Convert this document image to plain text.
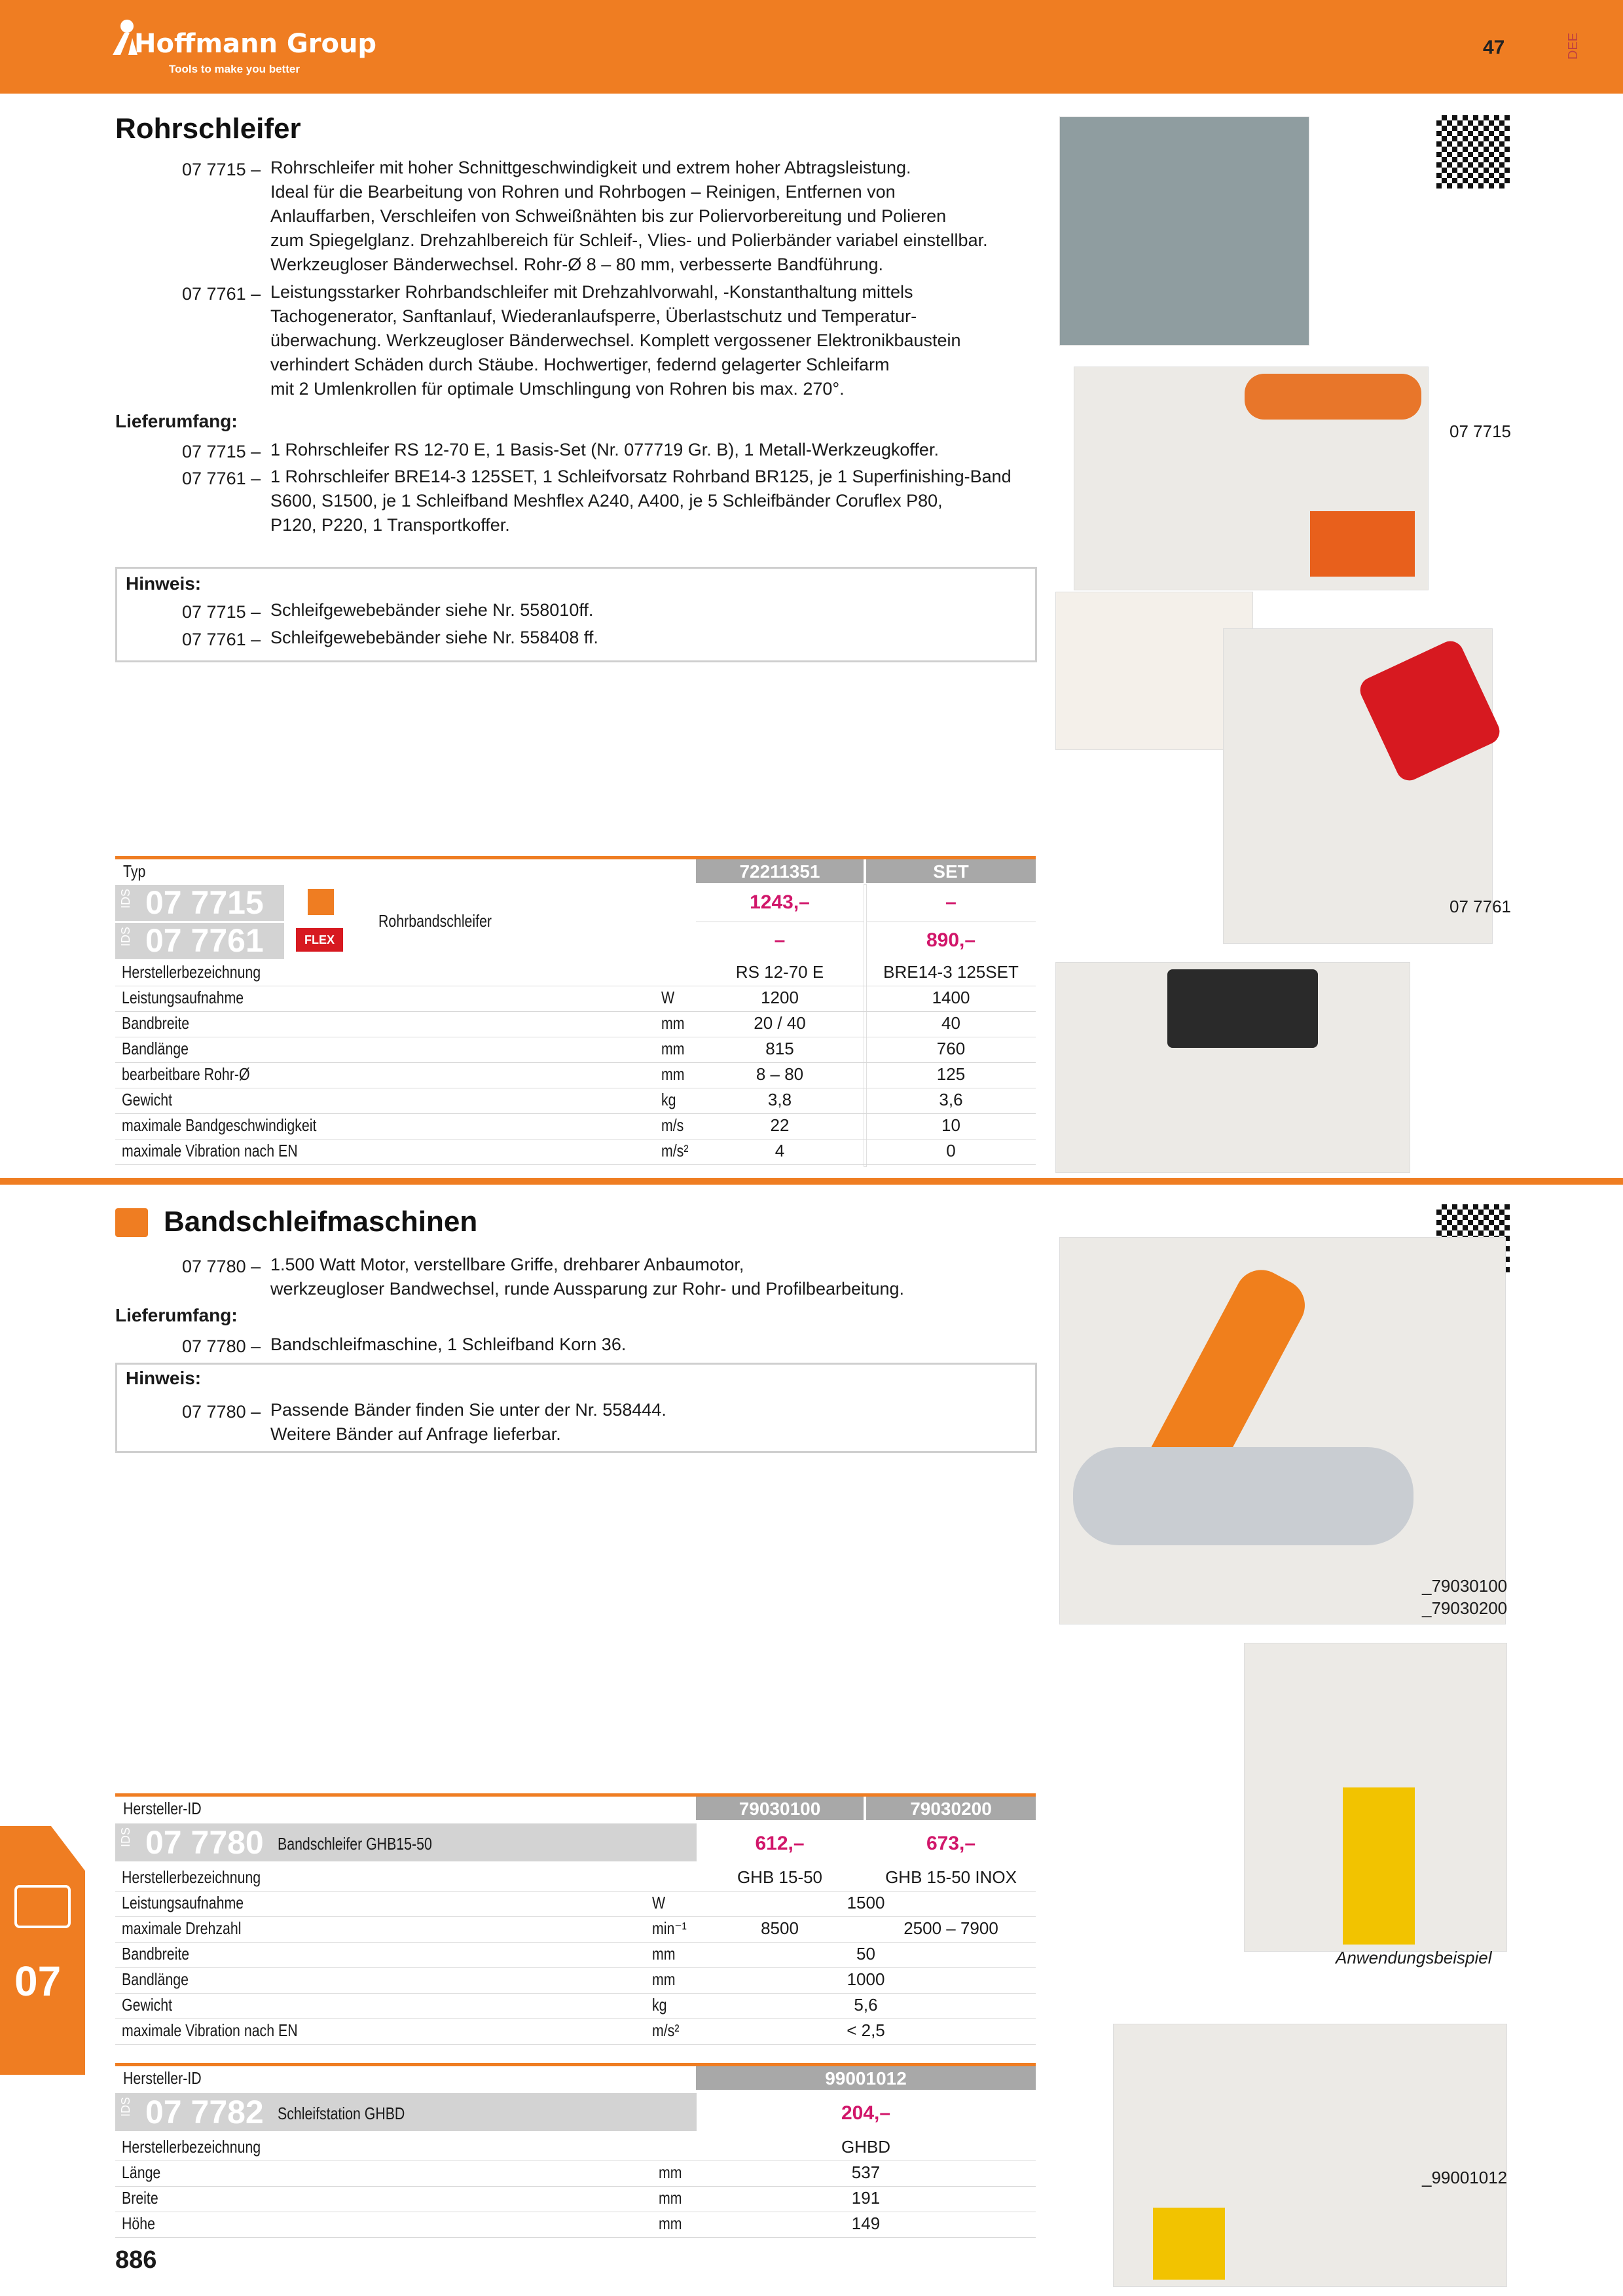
Hoffmann Group
Tools to make you better
47	DEE
Rohrschleifer
07 7715 – Rohrschleifer mit hoher Schnittgeschwindigkeit und extrem hoher Abtragsleistung.
Ideal für die Bearbeitung von Rohren und Rohrbogen – Reinigen, Entfernen von
Anlauffarben, Verschleifen von Schweißnähten bis zur Poliervorbereitung und Polieren
zum Spiegelglanz. Drehzahlbereich für Schleif-, Vlies- und Polierbänder variabel einstellbar.
Werkzeugloser Bänderwechsel. Rohr-Ø 8 – 80 mm, verbesserte Bandführung.
07 7761 – Leistungsstarker Rohrbandschleifer mit Drehzahlvorwahl, -Konstanthaltung mittels
Tachogenerator, Sanftanlauf, Wiederanlaufsperre, Überlastschutz und Temperatur-
überwachung. Werkzeugloser Bänderwechsel. Komplett vergossener Elektronikbaustein
verhindert Schäden durch Stäube. Hochwertiger, federnd gelagerter Schleifarm
mit 2 Umlenkrollen für optimale Umschlingung von Rohren bis max. 270°.
Lieferumfang:
07 7715 – 1 Rohrschleifer RS 12-70 E, 1 Basis-Set (Nr. 077719 Gr. B), 1 Metall-Werkzeugkoffer.
07 7761 – 1 Rohrschleifer BRE14-3 125SET, 1 Schleifvorsatz Rohrband BR125, je 1 Superfinishing-Band
S600, S1500, je 1 Schleifband Meshflex A240, A400, je 5 Schleifbänder Coruflex P80,
P120, P220, 1 Transportkoffer.
Hinweis:
07 7715 – Schleifgewebebänder siehe Nr. 558010ff.
07 7761 – Schleifgewebebänder siehe Nr. 558408 ff.
Typ	72211351	SET
IDS 07 7715
IDS 07 7761	FLEX
Rohrbandschleifer
1243,–	–
–	890,–
Herstellerbezeichnung	RS 12-70 E	BRE14-3 125SET
Leistungsaufnahme	W	1200	1400
Bandbreite	mm	20 / 40	40
Bandlänge	mm	815	760
bearbeitbare Rohr-Ø	mm	8 – 80	125
Gewicht	kg	3,8	3,6
maximale Bandgeschwindigkeit	m/s	22	10
maximale Vibration nach EN	m/s²	4	0
Bandschleifmaschinen
07 7780 – 1.500 Watt Motor, verstellbare Griffe, drehbarer Anbaumotor,
werkzeugloser Bandwechsel, runde Aussparung zur Rohr- und Profilbearbeitung.
Lieferumfang:
07 7780 – Bandschleifmaschine, 1 Schleifband Korn 36.
Hinweis:
07 7780 – Passende Bänder finden Sie unter der Nr. 558444.
Weitere Bänder auf Anfrage lieferbar.
Hersteller-ID	79030100	79030200
IDS 07 7780 Bandschleifer GHB15-50	612,–	673,–
Herstellerbezeichnung	GHB 15-50	GHB 15-50 INOX
Leistungsaufnahme	W	1500
maximale Drehzahl	min⁻¹	8500	2500 – 7900
Bandbreite	mm	50
Bandlänge	mm	1000
Gewicht	kg	5,6
maximale Vibration nach EN	m/s²	< 2,5
Hersteller-ID	99001012
IDS 07 7782 Schleifstation GHBD	204,–
Herstellerbezeichnung	GHBD
Länge	mm	537
Breite	mm	191
Höhe	mm	149
07 7715
07 7761
_79030100
_79030200
Anwendungsbeispiel
_99001012
07
886
